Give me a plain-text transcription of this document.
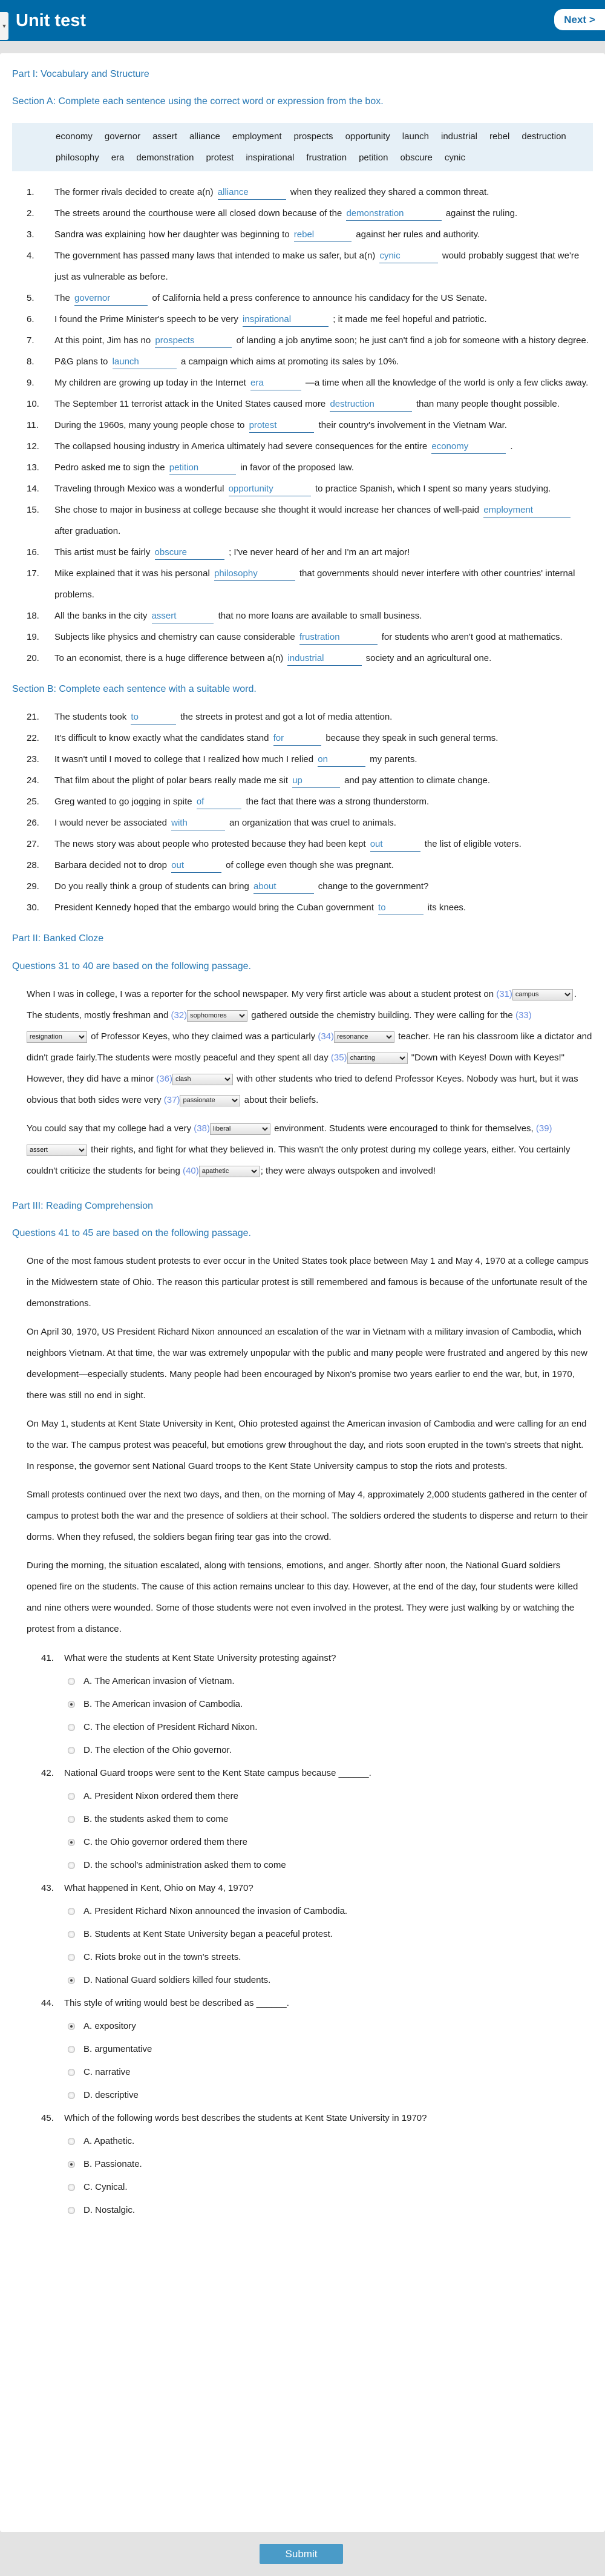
▼ Unit test	Next >
Part I: Vocabulary and Structure
Section A: Complete each sentence using the correct word or expression from the box.
economy governor assert alliance employment prospects opportunity launch industrial rebel destructionphilosophy era demonstration protest inspirational frustration petition obscure cynic
1.	The former rivals decided to create a(n) alliance	when they realized they shared a common threat.
2.	The streets around the courthouse were all closed down because of the demonstration	against the ruling.
3.	Sandra was explaining how her daughter was beginning to rebel	against her rules and authority.
4.	The government has passed many laws that intended to make us safer, but a(n) cynic	would probably suggest that we're just as vulnerable as before.
5.	The governor	of California held a press conference to announce his candidacy for the US Senate.
6.	I found the Prime Minister's speech to be very inspirational	; it made me feel hopeful and patriotic.
7.	At this point, Jim has no prospects	of landing a job anytime soon; he just can't find a job for someone with a history degree.
8.	P&G plans to launch	a campaign which aims at promoting its sales by 10%.
9.	My children are growing up today in the Internet era	—a time when all the knowledge of the world is only a few clicks away.
10.	The September 11 terrorist attack in the United States caused more destruction	than many people thought possible.
11.	During the 1960s, many young people chose to protest	their country's involvement in the Vietnam War.
12.	The collapsed housing industry in America ultimately had severe consequences for the entire economy	.
13.	Pedro asked me to sign the petition	in favor of the proposed law.
14.	Traveling through Mexico was a wonderful opportunity	to practice Spanish, which I spent so many years studying.
15.	She chose to major in business at college because she thought it would increase her chances of well-paid employment after graduation.
16.	This artist must be fairly obscure	; I've never heard of her and I'm an art major!
17.	Mike explained that it was his personal philosophy	that governments should never interfere with other countries' internal problems.
18.	All the banks in the city assert	that no more loans are available to small business.
19.	Subjects like physics and chemistry can cause considerable frustration	for students who aren't good at mathematics.
20.	To an economist, there is a huge difference between a(n) industrial	society and an agricultural one.
Section B: Complete each sentence with a suitable word.
21.	The students took to	the streets in protest and got a lot of media attention.
22.	It's difficult to know exactly what the candidates stand for	because they speak in such general terms.
23.	It wasn't until I moved to college that I realized how much I relied on	my parents.
24.	That film about the plight of polar bears really made me sit up	and pay attention to climate change.
25.	Greg wanted to go jogging in spite of	the fact that there was a strong thunderstorm.
26.	I would never be associated with	an organization that was cruel to animals.
27.	The news story was about people who protested because they had been kept out	the list of eligible voters.
28.	Barbara decided not to drop out	of college even though she was pregnant.
29.	Do you really think a group of students can bring about	change to the government?
30.	President Kennedy hoped that the embargo would bring the Cuban government to	its knees.
Part II: Banked Cloze
Questions 31 to 40 are based on the following passage.

When I was in college, I was a reporter for the school newspaper. My very first article was about a student protest on (31)
campus	. The students, mostly freshman and (32)
sophomores	gathered outside the chemistry building. They were calling for the (33)
resignation of Professor Keyes, who they claimed was a particularly (34)
resonance	teacher. He ran his classroom like a dictator and didn't grade fairly.The students were mostly peaceful and they spent all day (35)
chanting	"Down with Keyes! Down with Keyes!" However, they did have a minor (36)
clash	with other students who tried to defend Professor Keyes. Nobody was hurt, but it was obvious that both sides were very (37)
passionate	about their beliefs.

You could say that my college had a very (38)
liberal	environment. Students were encouraged to think for themselves, (39)
assert their rights, and fight for what they believed in. This wasn't the only protest during my college years, either. You certainly couldn't criticize the students for being (40)
apathetic	; they were always outspoken and involved!

Part III: Reading Comprehension
Questions 41 to 45 are based on the following passage.

One of the most famous student protests to ever occur in the United States took place between May 1 and May 4, 1970 at a college campus in the Midwestern state of Ohio. The reason this particular protest is still remembered and famous is because of the unfortunate result of the demonstrations.

On April 30, 1970, US President Richard Nixon announced an escalation of the war in Vietnam with a military invasion of Cambodia, which neighbors Vietnam. At that time, the war was extremely unpopular with the public and many people were frustrated and angered by this new development—especially students. Many people had been encouraged by Nixon's promise two years earlier to end the war, but, in 1970, there was still no end in sight.

On May 1, students at Kent State University in Kent, Ohio protested against the American invasion of Cambodia and were calling for an end to the war. The campus protest was peaceful, but emotions grew throughout the day, and riots soon erupted in the town's streets that night. In response, the governor sent National Guard troops to the Kent State University campus to stop the riots and protests.

Small protests continued over the next two days, and then, on the morning of May 4, approximately 2,000 students gathered in the center of campus to protest both the war and the presence of soldiers at their school. The soldiers ordered the students to disperse and return to their dorms. When they refused, the soldiers began firing tear gas into the crowd.

During the morning, the situation escalated, along with tensions, emotions, and anger. Shortly after noon, the National Guard soldiers opened fire on the students. The cause of this action remains unclear to this day. However, at the end of the day, four students were killed and nine others were wounded. Some of those students were not even involved in the protest. They were just walking by or watching the protest from a distance.

41.	What were the students at Kent State University protesting against?
A. The American invasion of Vietnam.
B. The American invasion of Cambodia.
C. The election of President Richard Nixon.
D. The election of the Ohio governor.
42.	National Guard troops were sent to the Kent State campus because ______.
A. President Nixon ordered them there
B. the students asked them to come
C. the Ohio governor ordered them there
D. the school's administration asked them to come
43.	What happened in Kent, Ohio on May 4, 1970?
A. President Richard Nixon announced the invasion of Cambodia.
B. Students at Kent State University began a peaceful protest.
C. Riots broke out in the town's streets.
D. National Guard soldiers killed four students.
44.	This style of writing would best be described as ______.
A. expository
B. argumentative
C. narrative
D. descriptive
45.	Which of the following words best describes the students at Kent State University in 1970?
A. Apathetic.
B. Passionate.
C. Cynical.
D. Nostalgic.
Submit
